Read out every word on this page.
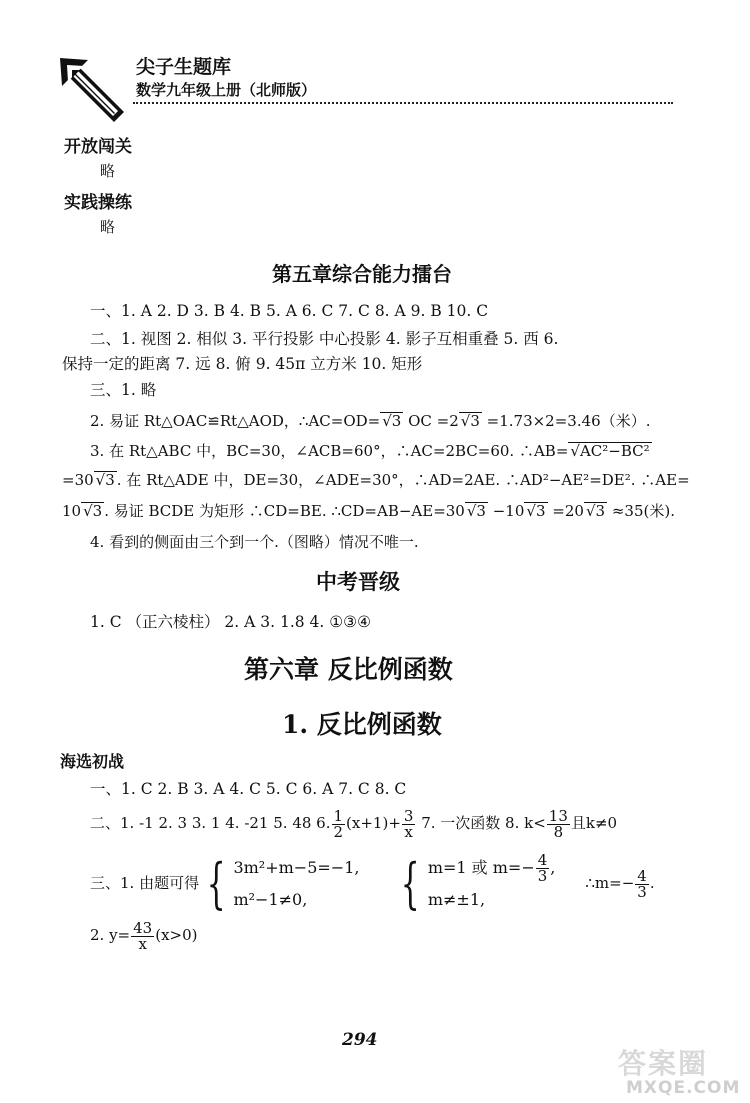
尖子生题库
数学九年级上册（北师版）
开放闯关
略
实践操练
略
第五章综合能力擂台
一、1. A 2. D 3. B 4. B 5. A 6. C 7. C 8. A 9. B 10. C
二、1. 视图 2. 相似 3. 平行投影 中心投影 4. 影子互相重叠 5. 西 6.
保持一定的距离 7. 远 8. 俯 9. 45π 立方米 10. 矩形
三、1. 略
2. 易证 Rt△OAC≌Rt△AOD，∴AC=OD= √3 OC =2 √3 =1.73×2=3.46（米）.
3. 在 Rt△ABC 中，BC=30，∠ACB=60°，∴AC=2BC=60. ∴AB= √AC²−BC²
=30 √3 . 在 Rt△ADE 中，DE=30，∠ADE=30°，∴AD=2AE. ∴AD²−AE²=DE². ∴AE=
10 √3 . 易证 BCDE 为矩形 ∴CD=BE. ∴CD=AB−AE=30 √3 −10 √3 =20 √3 ≈35(米).
4. 看到的侧面由三个到一个.（图略）情况不唯一.
中考晋级
1. C （正六棱柱） 2. A 3. 1.8 4. ①③④
第六章 反比例函数
1. 反比例函数
海选初战
一、1. C 2. B 3. A 4. C 5. C 6. A 7. C 8. C
二、1. -1 2. 3 3. 1 4. -21 5. 48 6. $\frac{1}{2} (x+1)+ \frac{3}{x} 7$. 一次函数 8. $k< \frac{13}{8}$ 且k≠0
三、1. 由题可得 { 3m²+m−5=−1,
m²−1≠0,	{ m=1 或 $m=- \frac{4}{3}$ ,
m≠±1,
∴m=− $\frac{4}{3}$ .
2. $y= \frac{43}{x} (x>0)$
294
答案圈
MXQE.COM
